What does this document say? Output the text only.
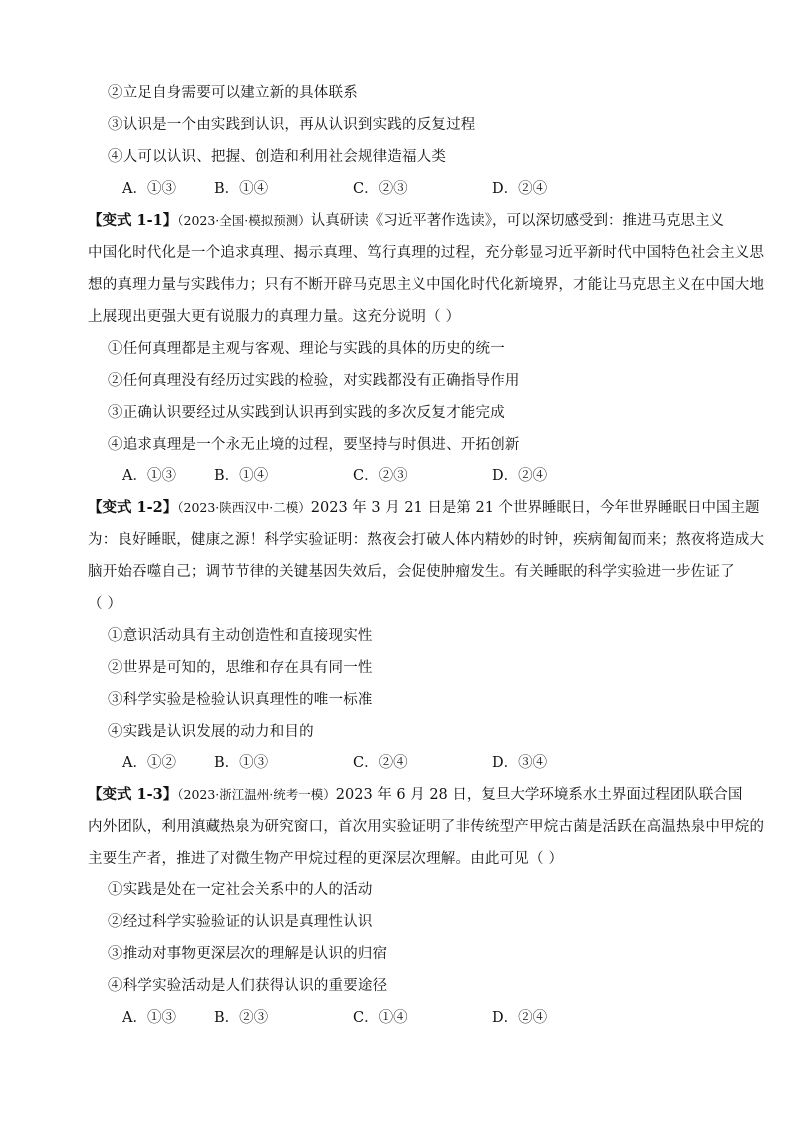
②立足自身需要可以建立新的具体联系
③认识是一个由实践到认识，再从认识到实践的反复过程
④人可以认识、把握、创造和利用社会规律造福人类
A．①③	B．①④	C．②③	D．②④
【变式 1-1】（2023·全国·模拟预测）认真研读《习近平著作选读》，可以深切感受到：推进马克思主义
中国化时代化是一个追求真理、揭示真理、笃行真理的过程，充分彰显习近平新时代中国特色社会主义思
想的真理力量与实践伟力；只有不断开辟马克思主义中国化时代化新境界，才能让马克思主义在中国大地
上展现出更强大更有说服力的真理力量。这充分说明（ ）
①任何真理都是主观与客观、理论与实践的具体的历史的统一
②任何真理没有经历过实践的检验，对实践都没有正确指导作用
③正确认识要经过从实践到认识再到实践的多次反复才能完成
④追求真理是一个永无止境的过程，要坚持与时俱进、开拓创新
A．①③	B．①④	C．②③	D．②④
【变式 1-2】（2023·陕西汉中·二模）2023 年 3 月 21 日是第 21 个世界睡眠日，今年世界睡眠日中国主题
为：良好睡眠，健康之源！科学实验证明：熬夜会打破人体内精妙的时钟，疾病匍匐而来；熬夜将造成大
脑开始吞噬自己；调节节律的关键基因失效后，会促使肿瘤发生。有关睡眠的科学实验进一步佐证了
（ ）
①意识活动具有主动创造性和直接现实性
②世界是可知的，思维和存在具有同一性
③科学实验是检验认识真理性的唯一标准
④实践是认识发展的动力和目的
A．①②	B．①③	C．②④	D．③④
【变式 1-3】（2023·浙江温州·统考一模）2023 年 6 月 28 日，复旦大学环境系水土界面过程团队联合国
内外团队，利用滇藏热泉为研究窗口，首次用实验证明了非传统型产甲烷古菌是活跃在高温热泉中甲烷的
主要生产者，推进了对微生物产甲烷过程的更深层次理解。由此可见（ ）
①实践是处在一定社会关系中的人的活动
②经过科学实验验证的认识是真理性认识
③推动对事物更深层次的理解是认识的归宿
④科学实验活动是人们获得认识的重要途径
A．①③	B．②③	C．①④	D．②④
